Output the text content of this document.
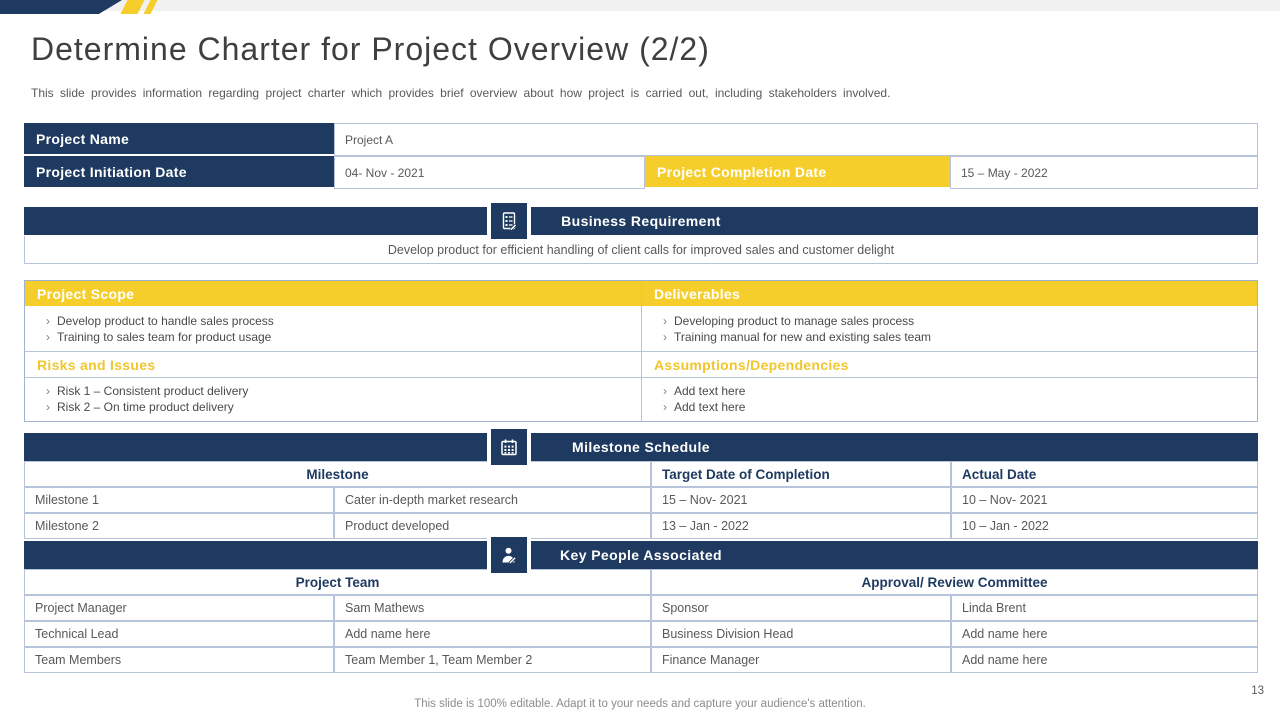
Determine Charter for Project Overview (2/2)
This slide provides information regarding project charter which provides brief overview about how project is carried out, including stakeholders involved.
Project Name	Project A
Project Initiation Date	04- Nov - 2021	Project Completion Date	15 – May - 2022
Business Requirement
Develop product for efficient handling of client calls for improved sales and customer delight
Project Scope
› Develop product to handle sales process
› Training to sales team for product usage
Risks and Issues
› Risk 1 – Consistent product delivery
› Risk 2 – On time product delivery
Deliverables
› Developing product to manage sales process
› Training manual for new and existing sales team
Assumptions/Dependencies
› Add text here
› Add text here
Milestone Schedule
Milestone	Target Date of Completion	Actual Date
Milestone 1	Cater in-depth market research	15 – Nov- 2021	10 – Nov- 2021
Milestone 2	Product developed	13 – Jan - 2022	10 – Jan - 2022
Key People Associated
Project Team	Approval/ Review Committee
Project Manager	Sam Mathews	Sponsor	Linda Brent
Technical Lead	Add name here	Business Division Head	Add name here
Team Members	Team Member 1, Team Member 2	Finance Manager	Add name here
This slide is 100% editable. Adapt it to your needs and capture your audience's attention.
13
